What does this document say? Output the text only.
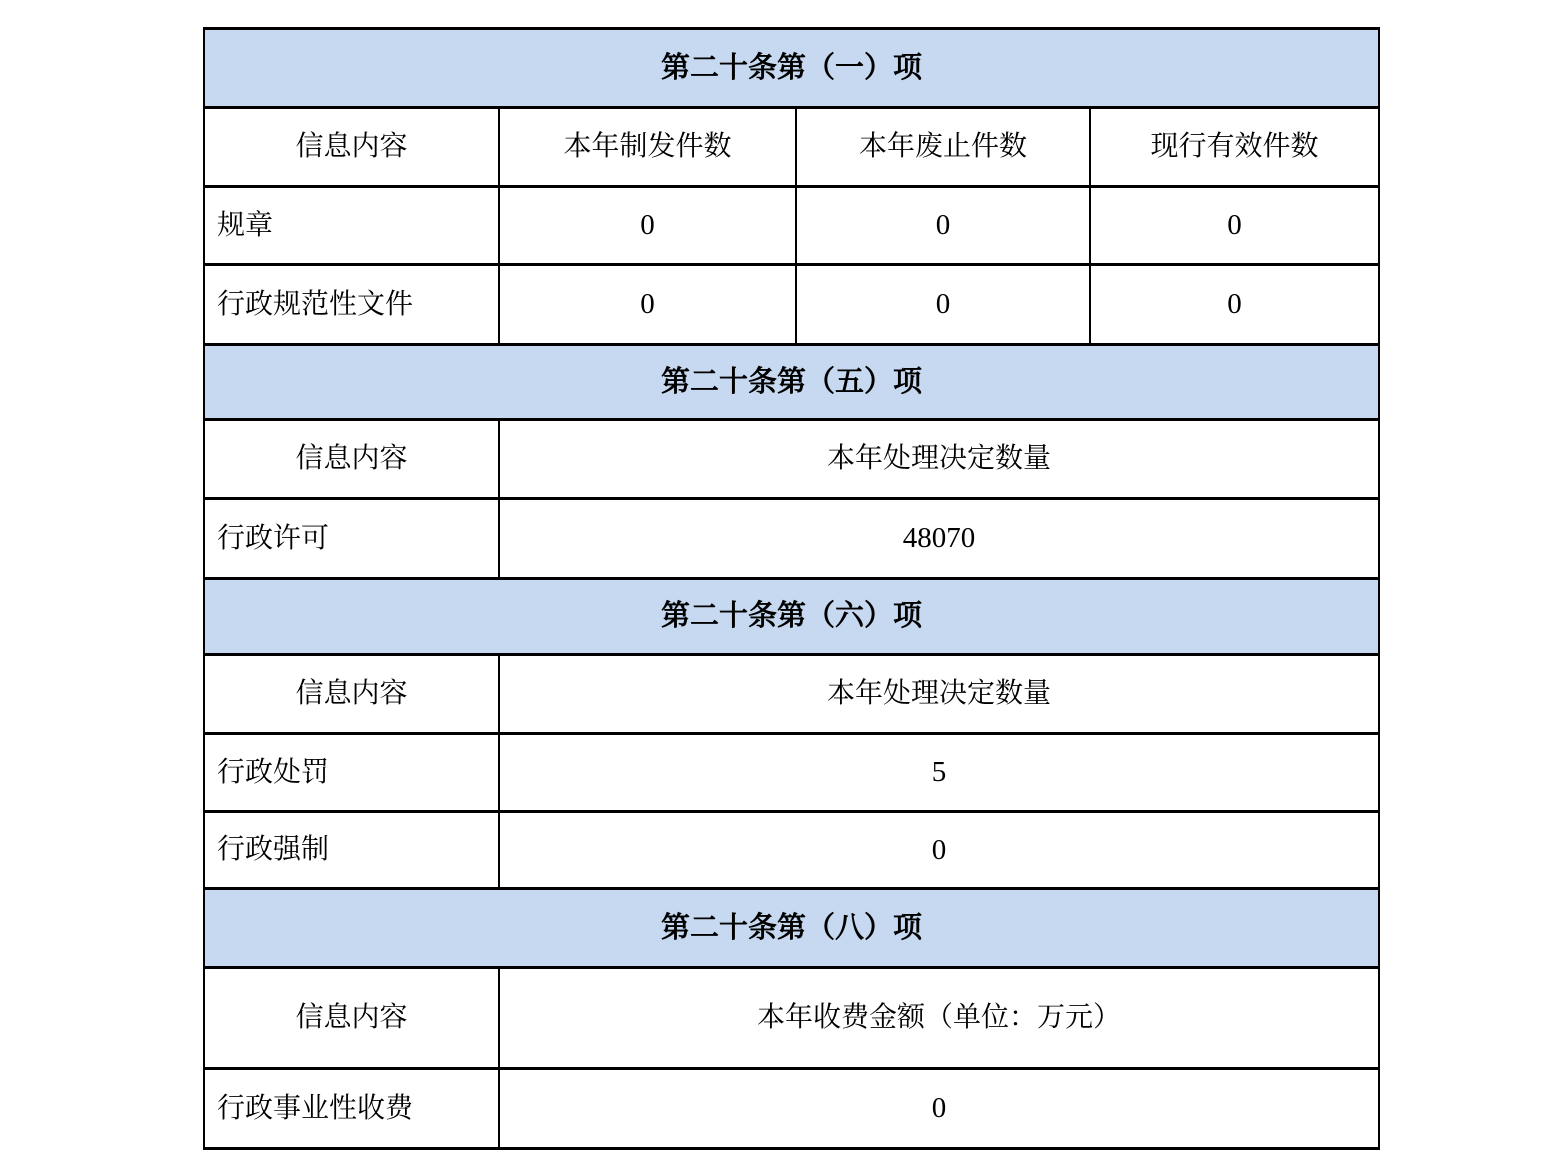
第二十条第（一）项			
信息内容	本年制发件数	本年废止件数	现行有效件数
规章	0	0	0
行政规范性文件	0	0	0
第二十条第（五）项			
信息内容	本年处理决定数量		
行政许可	48070		
第二十条第（六）项			
信息内容	本年处理决定数量		
行政处罚	5		
行政强制	0		
第二十条第（八）项			
信息内容	本年收费金额（单位：万元）		
行政事业性收费	0		
